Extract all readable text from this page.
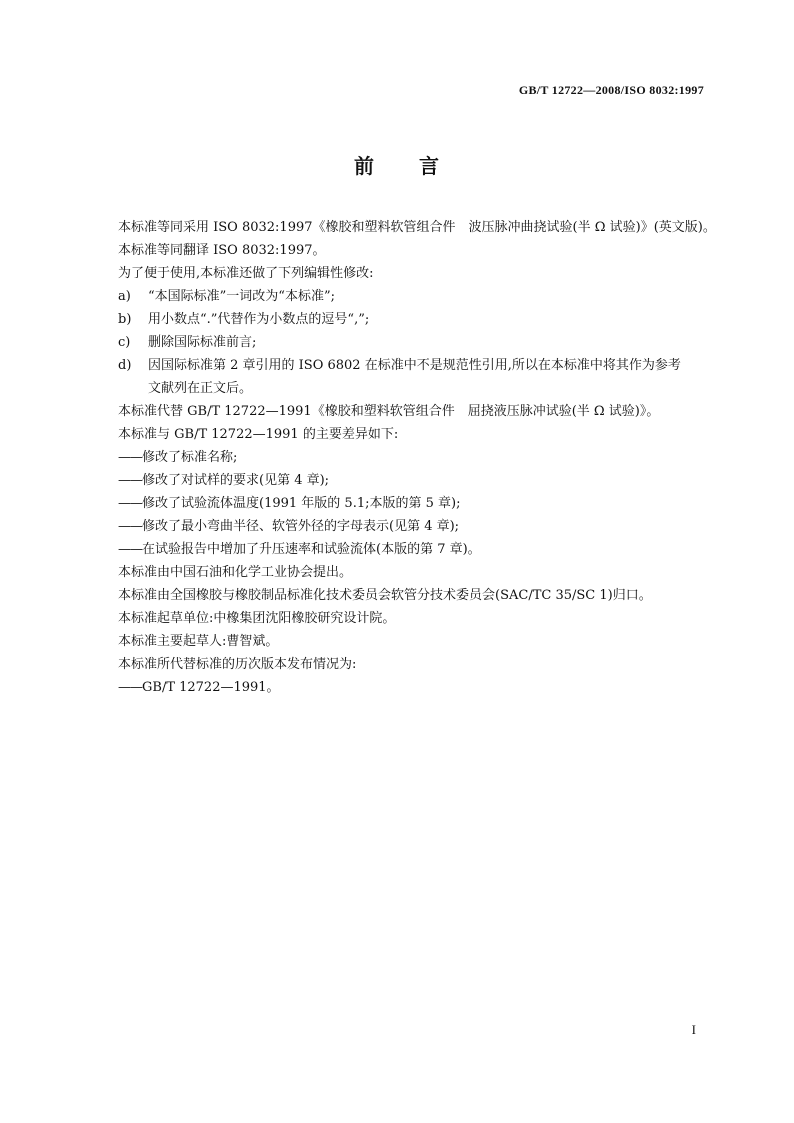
GB/T 12722—2008/ISO 8032:1997
前 言
本标准等同采用 ISO 8032:1997《橡胶和塑料软管组合件　波压脉冲曲挠试验(半 Ω 试验)》(英文版)。
本标准等同翻译 ISO 8032:1997。
为了便于使用,本标准还做了下列编辑性修改:
a)	“本国际标准”一词改为“本标准”;
b)	用小数点“.”代替作为小数点的逗号“,”;
c)	删除国际标准前言;
d)	因国际标准第 2 章引用的 ISO 6802 在标准中不是规范性引用,所以在本标准中将其作为参考
文献列在正文后。
本标准代替 GB/T 12722—1991《橡胶和塑料软管组合件　屈挠液压脉冲试验(半 Ω 试验)》。
本标准与 GB/T 12722—1991 的主要差异如下:
——修改了标准名称;
——修改了对试样的要求(见第 4 章);
——修改了试验流体温度(1991 年版的 5.1;本版的第 5 章);
——修改了最小弯曲半径、软管外径的字母表示(见第 4 章);
——在试验报告中增加了升压速率和试验流体(本版的第 7 章)。
本标准由中国石油和化学工业协会提出。
本标准由全国橡胶与橡胶制品标准化技术委员会软管分技术委员会(SAC/TC 35/SC 1)归口。
本标准起草单位:中橡集团沈阳橡胶研究设计院。
本标准主要起草人:曹智斌。
本标准所代替标准的历次版本发布情况为:
——GB/T 12722—1991。
I
